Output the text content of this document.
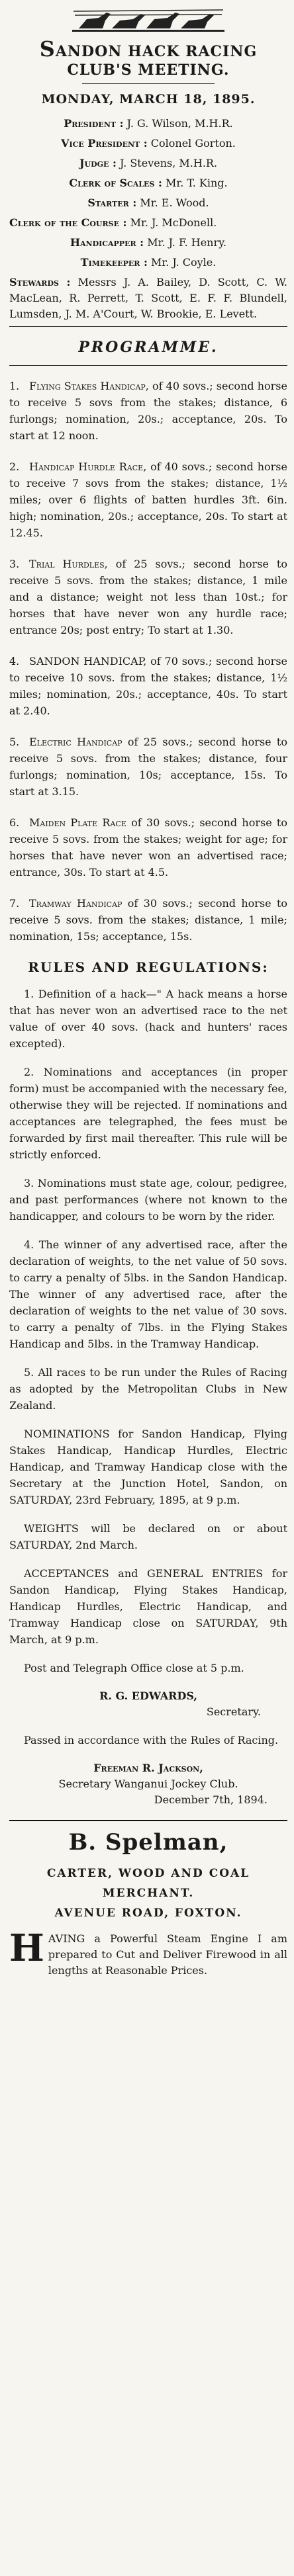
SANDON HACK RACING
CLUB'S MEETING.
MONDAY, MARCH 18, 1895.

President : J. G. Wilson, M.H.R.

Vice President : Colonel Gorton.

Judge : J. Stevens, M.H.R.

Clerk of Scales : Mr. T. King.

Starter : Mr. E. Wood.

Clerk of the Course : Mr. J. McDonell.

Handicapper : Mr. J. F. Henry.

Timekeeper : Mr. J. Coyle.

Stewards : Messrs J. A. Bailey, D. Scott, C. W. MacLean, R. Perrett, T. Scott, E. F. F. Blundell, Lumsden, J. M. A'Court, W. Brookie, E. Levett.

PROGRAMME.
1. Flying Stakes Handicap, of 40 sovs.; second horse to receive 5 sovs from the stakes; distance, 6 furlongs; nomination, 20s.; acceptance, 20s. To start at 12 noon.
2. Handicap Hurdle Race, of 40 sovs.; second horse to receive 7 sovs from the stakes; distance, 1½ miles; over 6 flights of batten hurdles 3ft. 6in. high; nomination, 20s.; acceptance, 20s. To start at 12.45.
3. Trial Hurdles, of 25 sovs.; second horse to receive 5 sovs. from the stakes; distance, 1 mile and a distance; weight not less than 10st.; for horses that have never won any hurdle race; entrance 20s; post entry; To start at 1.30.
4. SANDON HANDICAP, of 70 sovs.; second horse to receive 10 sovs. from the stakes; distance, 1½ miles; nomination, 20s.; acceptance, 40s. To start at 2.40.
5. Electric Handicap of 25 sovs.; second horse to receive 5 sovs. from the stakes; distance, four furlongs; nomination, 10s; acceptance, 15s. To start at 3.15.
6. Maiden Plate Race of 30 sovs.; second horse to receive 5 sovs. from the stakes; weight for age; for horses that have never won an advertised race; entrance, 30s. To start at 4.5.
7. Tramway Handicap of 30 sovs.; second horse to receive 5 sovs. from the stakes; distance, 1 mile; nomination, 15s; acceptance, 15s.
RULES AND REGULATIONS:

1. Definition of a hack—" A hack means a horse that has never won an advertised race to the net value of over 40 sovs. (hack and hunters' races excepted).

2. Nominations and acceptances (in proper form) must be accompanied with the necessary fee, otherwise they will be rejected. If nominations and acceptances are telegraphed, the fees must be forwarded by first mail thereafter. This rule will be strictly enforced.

3. Nominations must state age, colour, pedigree, and past performances (where not known to the handicapper, and colours to be worn by the rider.

4. The winner of any advertised race, after the declaration of weights, to the net value of 50 sovs. to carry a penalty of 5lbs. in the Sandon Handicap. The winner of any advertised race, after the declaration of weights to the net value of 30 sovs. to carry a penalty of 7lbs. in the Flying Stakes Handicap and 5lbs. in the Tramway Handicap.

5. All races to be run under the Rules of Racing as adopted by the Metropolitan Clubs in New Zealand.

NOMINATIONS for Sandon Handicap, Flying Stakes Handicap, Handicap Hurdles, Electric Handicap, and Tramway Handicap close with the Secretary at the Junction Hotel, Sandon, on SATURDAY, 23rd February, 1895, at 9 p.m.

WEIGHTS will be declared on or about SATURDAY, 2nd March.

ACCEPTANCES and GENERAL ENTRIES for Sandon Handicap, Flying Stakes Handicap, Handicap Hurdles, Electric Handicap, and Tramway Handicap close on SATURDAY, 9th March, at 9 p.m.

Post and Telegraph Office close at 5 p.m.

R. G. EDWARDS,
Secretary.

Passed in accordance with the Rules of Racing.

Freeman R. Jackson,
Secretary Wanganui Jockey Club.
December 7th, 1894.
B. Spelman,
CARTER, WOOD AND COAL
MERCHANT.
AVENUE ROAD, FOXTON.
HAVING a Powerful Steam Engine I am prepared to Cut and Deliver Firewood in all lengths at Reasonable Prices.
